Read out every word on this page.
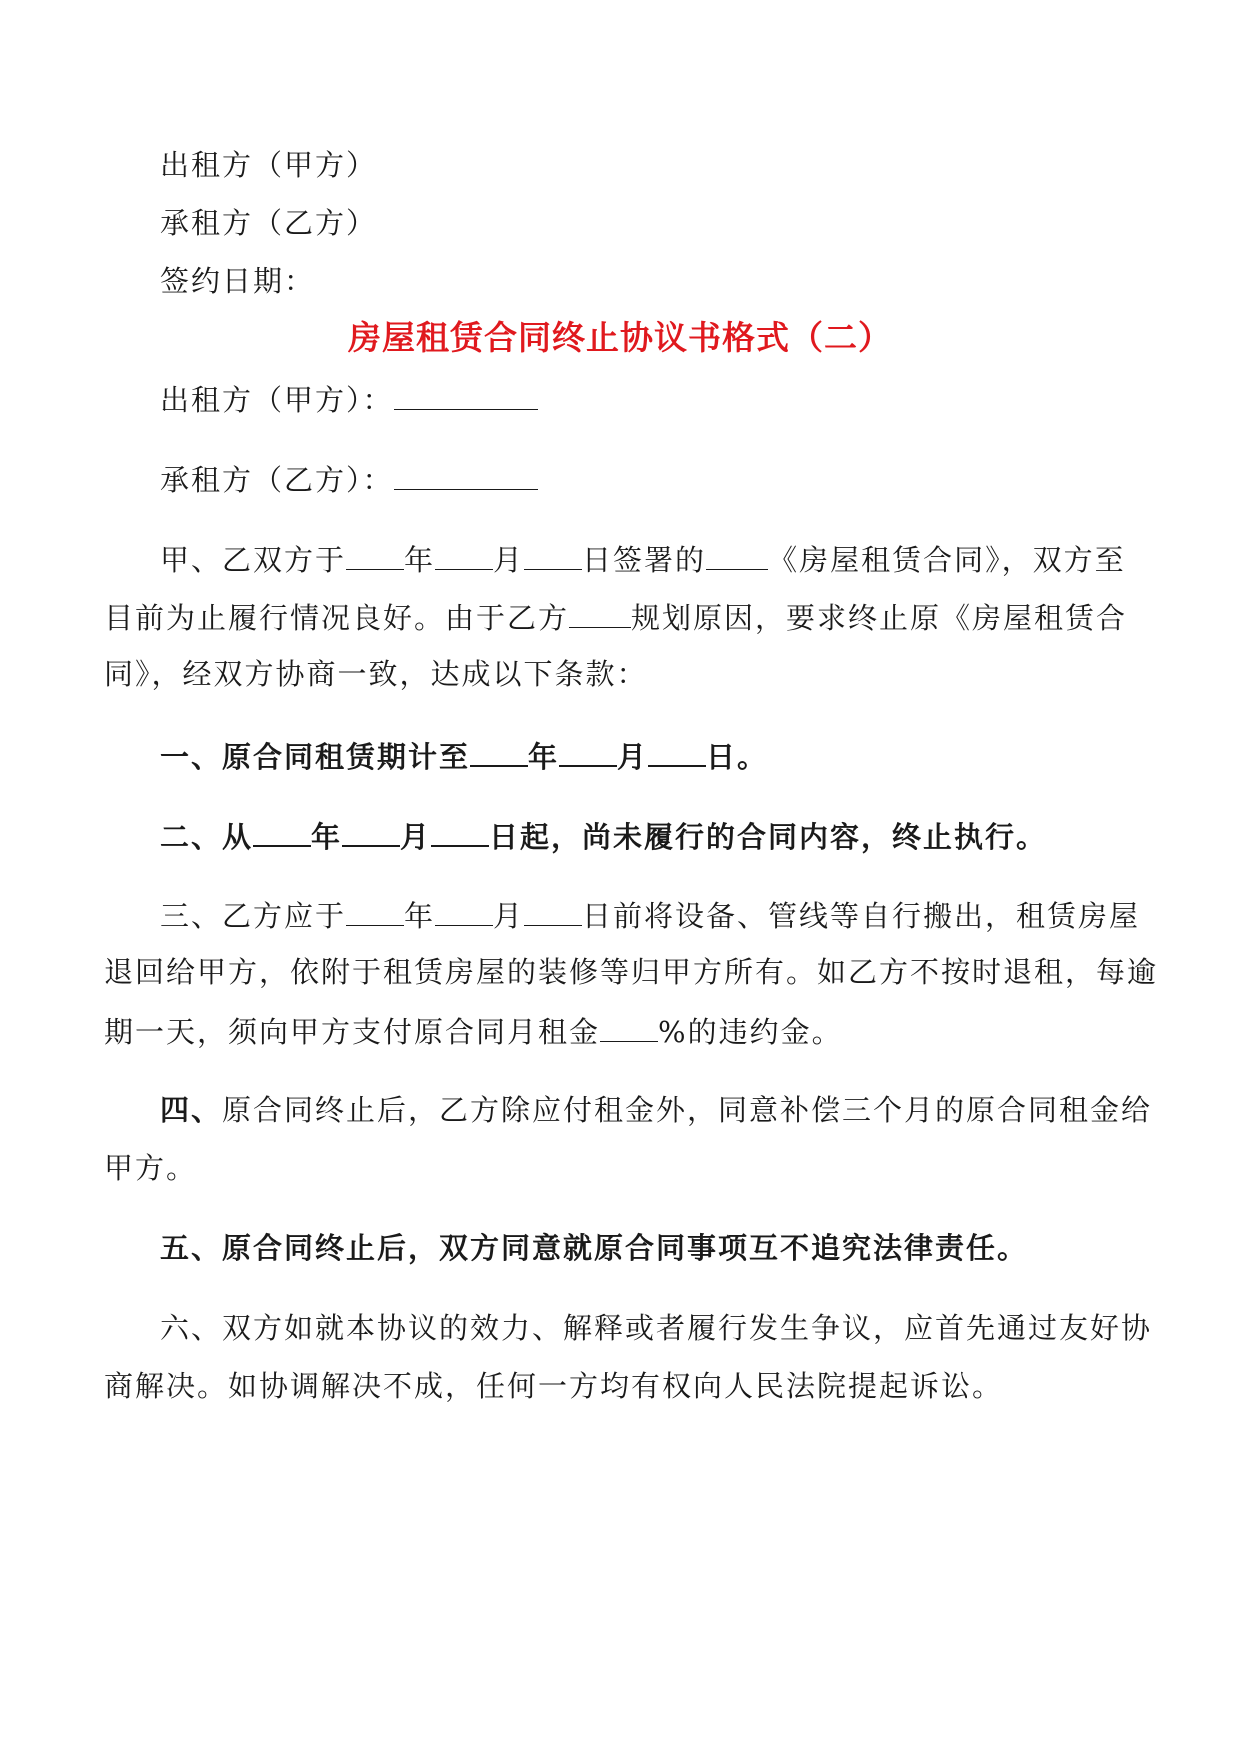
出租方（甲方）
承租方（乙方）
签约日期：
房屋租赁合同终止协议书格式（二）
出租方（甲方）：
承租方（乙方）：
甲、乙双方于 年 月 日签署的 《房屋租赁合同》，双方至
目前为止履行情况良好。由于乙方 规划原因，要求终止原《房屋租赁合
同》，经双方协商一致，达成以下条款：
一、原合同租赁期计至 年 月 日。
二、从 年 月 日起，尚未履行的合同内容，终止执行。
三、乙方应于 年 月 日前将设备、管线等自行搬出，租赁房屋
退回给甲方，依附于租赁房屋的装修等归甲方所有。如乙方不按时退租，每逾
期一天，须向甲方支付原合同月租金 %的违约金。
四、原合同终止后，乙方除应付租金外，同意补偿三个月的原合同租金给
甲方。
五、原合同终止后，双方同意就原合同事项互不追究法律责任。
六、双方如就本协议的效力、解释或者履行发生争议，应首先通过友好协
商解决。如协调解决不成，任何一方均有权向人民法院提起诉讼。
